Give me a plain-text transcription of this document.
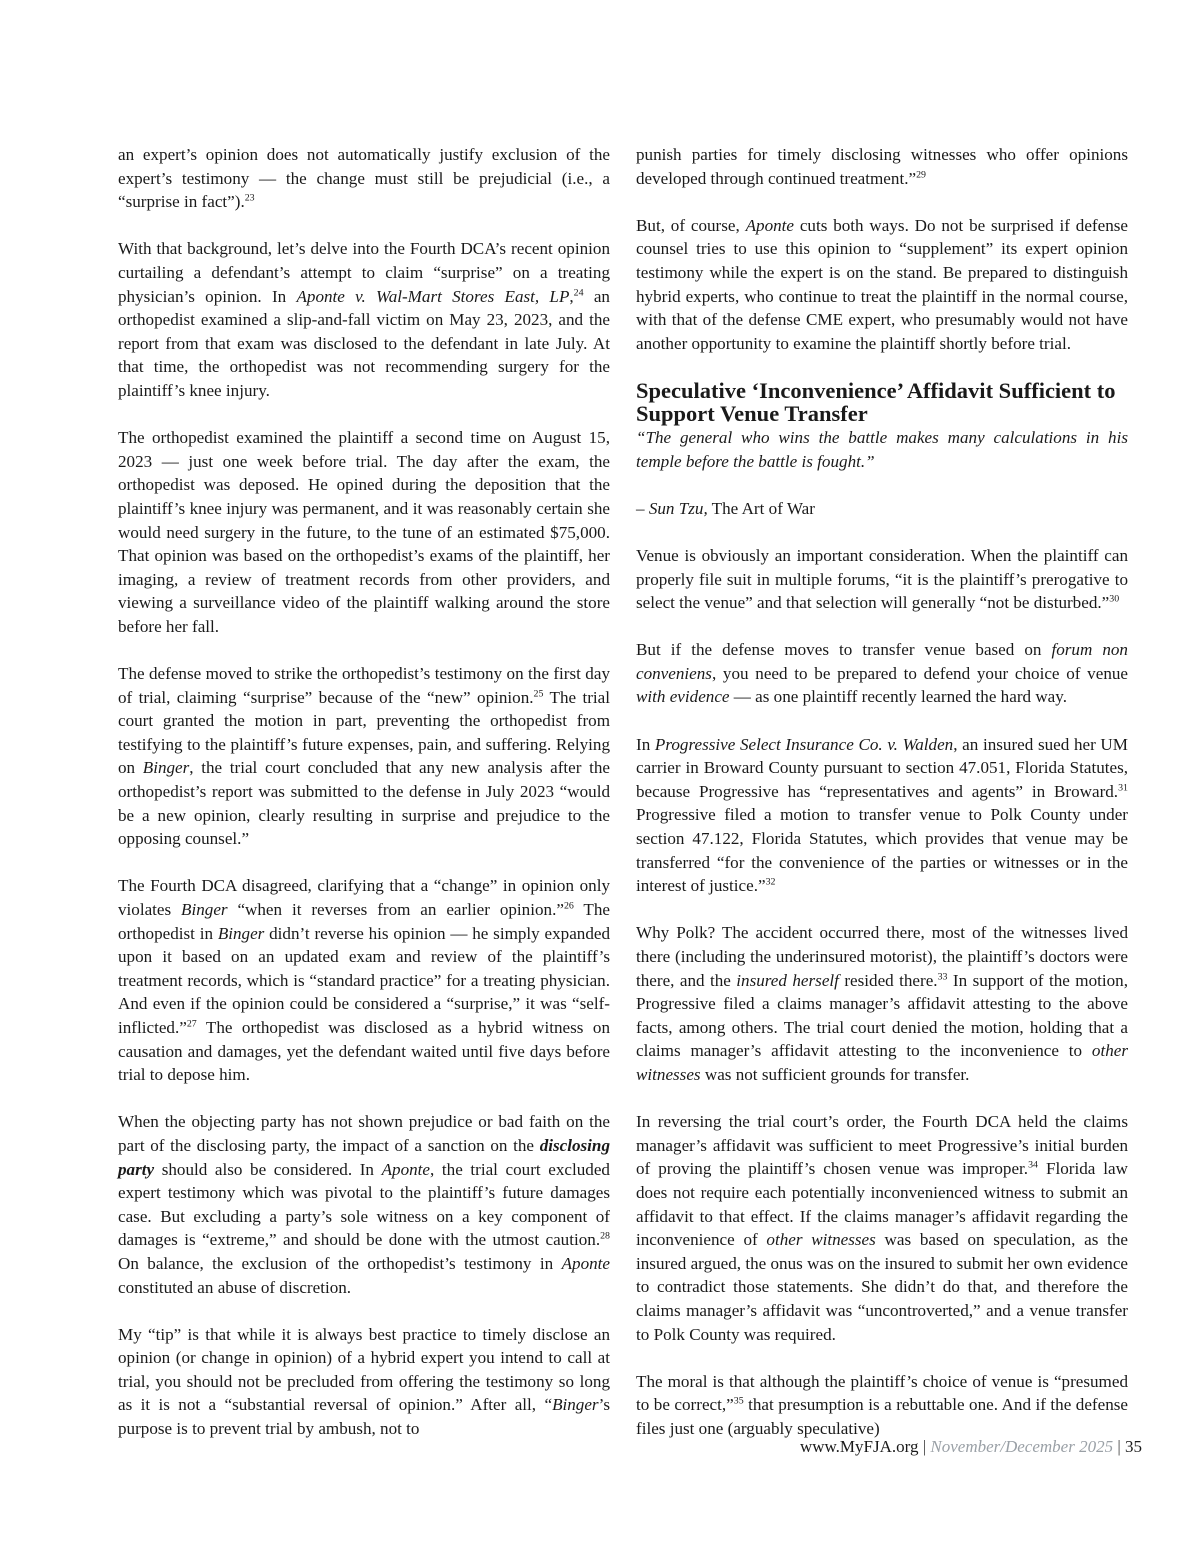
an expert’s opinion does not automatically justify exclusion of the expert’s testimony — the change must still be prejudicial (i.e., a “surprise in fact”).$^{23}$

With that background, let’s delve into the Fourth DCA’s recent opinion curtailing a defendant’s attempt to claim “surprise” on a treating physician’s opinion. In Aponte v. Wal-Mart Stores East, LP,$^{24}$ an orthopedist examined a slip-and-fall victim on May 23, 2023, and the report from that exam was disclosed to the defendant in late July. At that time, the orthopedist was not recommending surgery for the plaintiff’s knee injury.

The orthopedist examined the plaintiff a second time on August 15, 2023 — just one week before trial. The day after the exam, the orthopedist was deposed. He opined during the deposition that the plaintiff’s knee injury was permanent, and it was reasonably certain she would need surgery in the future, to the tune of an estimated $75,000. That opinion was based on the orthopedist’s exams of the plaintiff, her imaging, a review of treatment records from other providers, and viewing a surveillance video of the plaintiff walking around the store before her fall.

The defense moved to strike the orthopedist’s testimony on the first day of trial, claiming “surprise” because of the “new” opinion.$^{25}$ The trial court granted the motion in part, preventing the orthopedist from testifying to the plaintiff’s future expenses, pain, and suffering. Relying on Binger, the trial court concluded that any new analysis after the orthopedist’s report was submitted to the defense in July 2023 “would be a new opinion, clearly resulting in surprise and prejudice to the opposing counsel.”

The Fourth DCA disagreed, clarifying that a “change” in opinion only violates Binger “when it reverses from an earlier opinion.”$^{26}$ The orthopedist in Binger didn’t reverse his opinion — he simply expanded upon it based on an updated exam and review of the plaintiff’s treatment records, which is “standard practice” for a treating physician. And even if the opinion could be considered a “surprise,” it was “self-inflicted.”$^{27}$ The orthopedist was disclosed as a hybrid witness on causation and damages, yet the defendant waited until five days before trial to depose him.

When the objecting party has not shown prejudice or bad faith on the part of the disclosing party, the impact of a sanction on the disclosing party should also be considered. In Aponte, the trial court excluded expert testimony which was pivotal to the plaintiff’s future damages case. But excluding a party’s sole witness on a key component of damages is “extreme,” and should be done with the utmost caution.$^{28}$ On balance, the exclusion of the orthopedist’s testimony in Aponte constituted an abuse of discretion.

My “tip” is that while it is always best practice to timely disclose an opinion (or change in opinion) of a hybrid expert you intend to call at trial, you should not be precluded from offering the testimony so long as it is not a “substantial reversal of opinion.” After all, “Binger’s purpose is to prevent trial by ambush, not to

punish parties for timely disclosing witnesses who offer opinions developed through continued treatment.”$^{29}$

But, of course, Aponte cuts both ways. Do not be surprised if defense counsel tries to use this opinion to “supplement” its expert opinion testimony while the expert is on the stand. Be prepared to distinguish hybrid experts, who continue to treat the plaintiff in the normal course, with that of the defense CME expert, who presumably would not have another opportunity to examine the plaintiff shortly before trial.

Speculative ‘Inconvenience’ Affidavit Sufficient to Support Venue Transfer

“The general who wins the battle makes many calculations in his temple before the battle is fought.”

– Sun Tzu, The Art of War

Venue is obviously an important consideration. When the plaintiff can properly file suit in multiple forums, “it is the plaintiff’s prerogative to select the venue” and that selection will generally “not be disturbed.”$^{30}$

But if the defense moves to transfer venue based on forum non conveniens, you need to be prepared to defend your choice of venue with evidence — as one plaintiff recently learned the hard way.

In Progressive Select Insurance Co. v. Walden, an insured sued her UM carrier in Broward County pursuant to section 47.051, Florida Statutes, because Progressive has “representatives and agents” in Broward.$^{31}$ Progressive filed a motion to transfer venue to Polk County under section 47.122, Florida Statutes, which provides that venue may be transferred “for the convenience of the parties or witnesses or in the interest of justice.”$^{32}$

Why Polk? The accident occurred there, most of the witnesses lived there (including the underinsured motorist), the plaintiff’s doctors were there, and the insured herself resided there.$^{33}$ In support of the motion, Progressive filed a claims manager’s affidavit attesting to the above facts, among others. The trial court denied the motion, holding that a claims manager’s affidavit attesting to the inconvenience to other witnesses was not sufficient grounds for transfer.

In reversing the trial court’s order, the Fourth DCA held the claims manager’s affidavit was sufficient to meet Progressive’s initial burden of proving the plaintiff’s chosen venue was improper.$^{34}$ Florida law does not require each potentially inconvenienced witness to submit an affidavit to that effect. If the claims manager’s affidavit regarding the inconvenience of other witnesses was based on speculation, as the insured argued, the onus was on the insured to submit her own evidence to contradict those statements. She didn’t do that, and therefore the claims manager’s affidavit was “uncontroverted,” and a venue transfer to Polk County was required.

The moral is that although the plaintiff’s choice of venue is “presumed to be correct,”$^{35}$ that presumption is a rebuttable one. And if the defense files just one (arguably speculative)

www.MyFJA.org | November/December 2025 | 35
